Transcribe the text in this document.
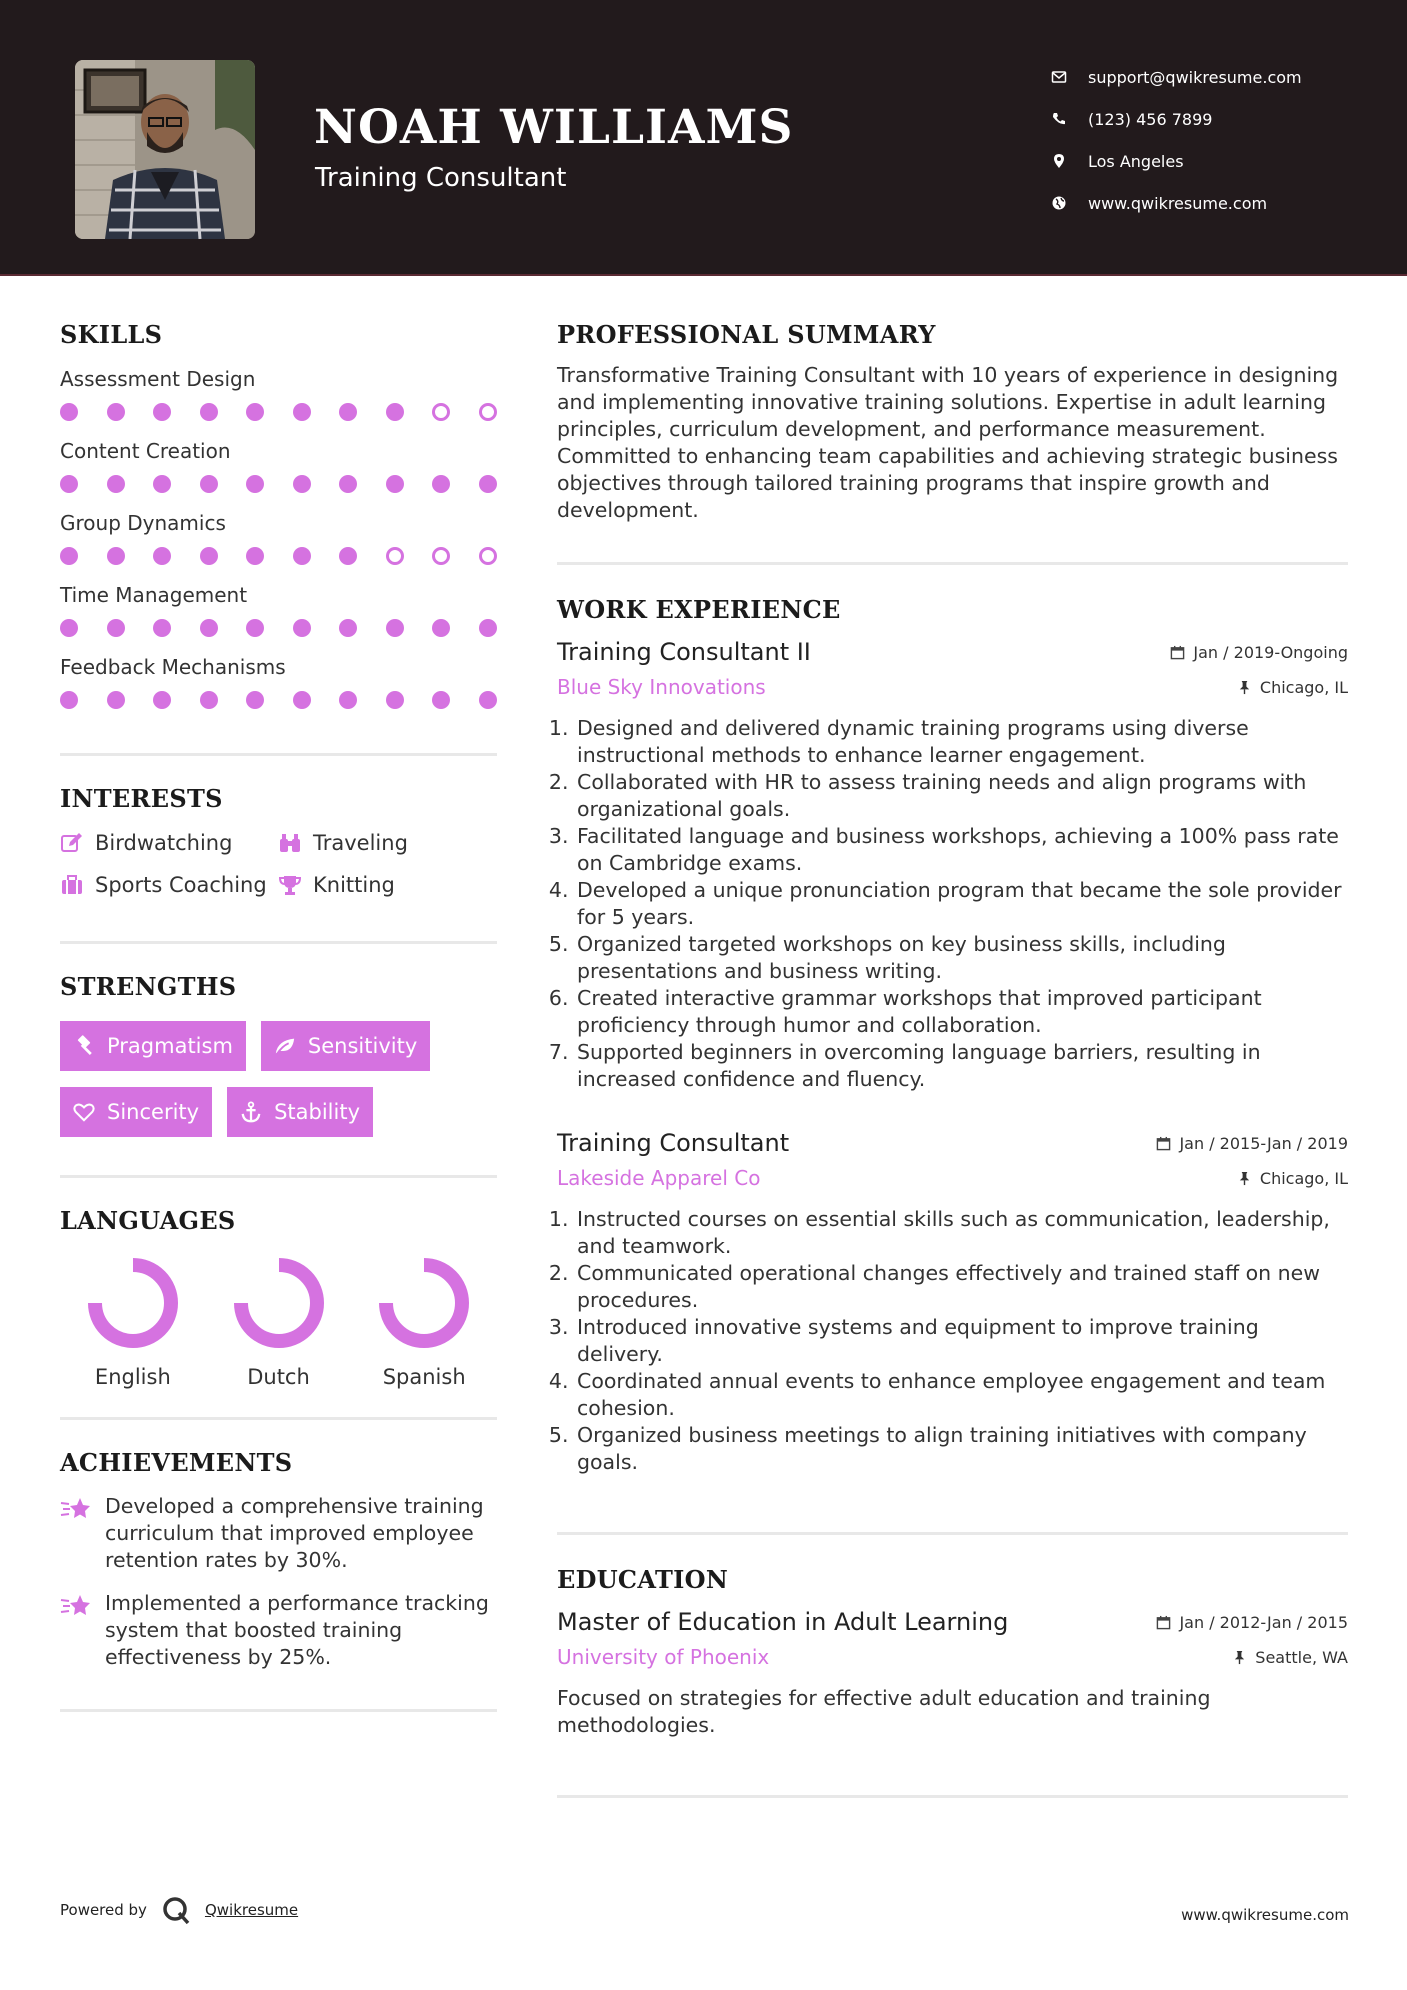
NOAH WILLIAMS
Training Consultant
support@qwikresume.com
(123) 456 7899
Los Angeles
www.qwikresume.com
SKILLS
Assessment Design
Content Creation
Group Dynamics
Time Management
Feedback Mechanisms
INTERESTS
Birdwatching	Traveling
Sports Coaching Knitting
STRENGTHS
Pragmatism	Sensitivity
Sincerity	Stability
LANGUAGES
English	Dutch	Spanish
ACHIEVEMENTS
Developed a comprehensive training curriculum that improved employee retention rates by 30%.
Implemented a performance tracking system that boosted training effectiveness by 25%.
PROFESSIONAL SUMMARY
Transformative Training Consultant with 10 years of experience in designing and implementing innovative training solutions. Expertise in adult learning principles, curriculum development, and performance measurement. Committed to enhancing team capabilities and achieving strategic business objectives through tailored training programs that inspire growth and development.
WORK EXPERIENCE
Training Consultant II	Jan / 2019-Ongoing
Blue Sky Innovations	Chicago, IL
1. Designed and delivered dynamic training programs using diverse instructional methods to enhance learner engagement.
2. Collaborated with HR to assess training needs and align programs with organizational goals.
3. Facilitated language and business workshops, achieving a 100% pass rate on Cambridge exams.
4. Developed a unique pronunciation program that became the sole provider for 5 years.
5. Organized targeted workshops on key business skills, including presentations and business writing.
6. Created interactive grammar workshops that improved participant proficiency through humor and collaboration.
7. Supported beginners in overcoming language barriers, resulting in increased confidence and fluency.
Training Consultant	Jan / 2015-Jan / 2019
Lakeside Apparel Co	Chicago, IL
1. Instructed courses on essential skills such as communication, leadership, and teamwork.
2. Communicated operational changes effectively and trained staff on new procedures.
3. Introduced innovative systems and equipment to improve training delivery.
4. Coordinated annual events to enhance employee engagement and team cohesion.
5. Organized business meetings to align training initiatives with company goals.
EDUCATION
Master of Education in Adult Learning	Jan / 2012-Jan / 2015
University of Phoenix	Seattle, WA
Focused on strategies for effective adult education and training methodologies.
Powered by	Qwikresume	www.qwikresume.com
